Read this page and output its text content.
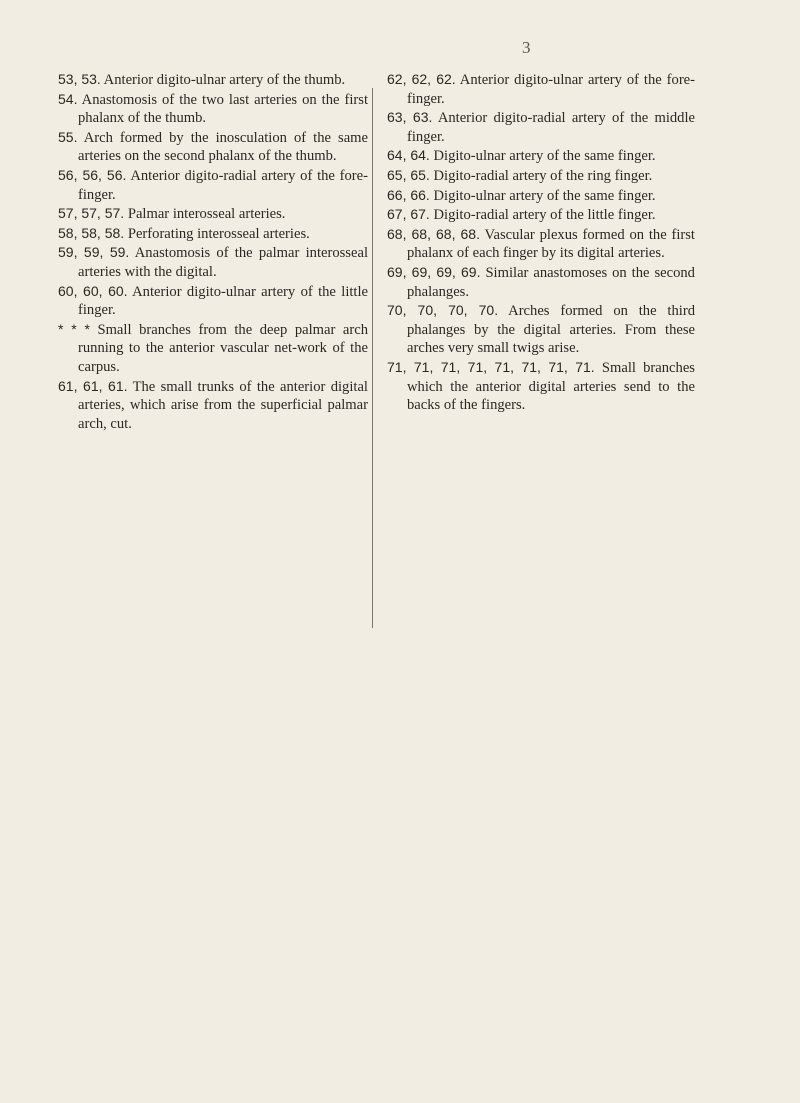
3

53, 53. Anterior digito-ulnar artery of the thumb.

54. Anastomosis of the two last arteries on the first phalanx of the thumb.

55. Arch formed by the inosculation of the same arteries on the second phalanx of the thumb.

56, 56, 56. Anterior digito-radial artery of the fore-finger.

57, 57, 57. Palmar interosseal arteries.

58, 58, 58. Perforating interosseal arteries.

59, 59, 59. Anastomosis of the palmar interosseal arteries with the digital.

60, 60, 60. Anterior digito-ulnar artery of the little finger.

* * * Small branches from the deep palmar arch running to the anterior vascular net-work of the carpus.

61, 61, 61. The small trunks of the anterior digital arteries, which arise from the superficial palmar arch, cut.

62, 62, 62. Anterior digito-ulnar artery of the fore-finger.

63, 63. Anterior digito-radial artery of the middle finger.

64, 64. Digito-ulnar artery of the same finger.

65, 65. Digito-radial artery of the ring finger.

66, 66. Digito-ulnar artery of the same finger.

67, 67. Digito-radial artery of the little finger.

68, 68, 68, 68. Vascular plexus formed on the first phalanx of each finger by its digital arteries.

69, 69, 69, 69. Similar anastomoses on the second phalanges.

70, 70, 70, 70. Arches formed on the third phalanges by the digital arteries. From these arches very small twigs arise.

71, 71, 71, 71, 71, 71, 71, 71. Small branches which the anterior digital arteries send to the backs of the fingers.
